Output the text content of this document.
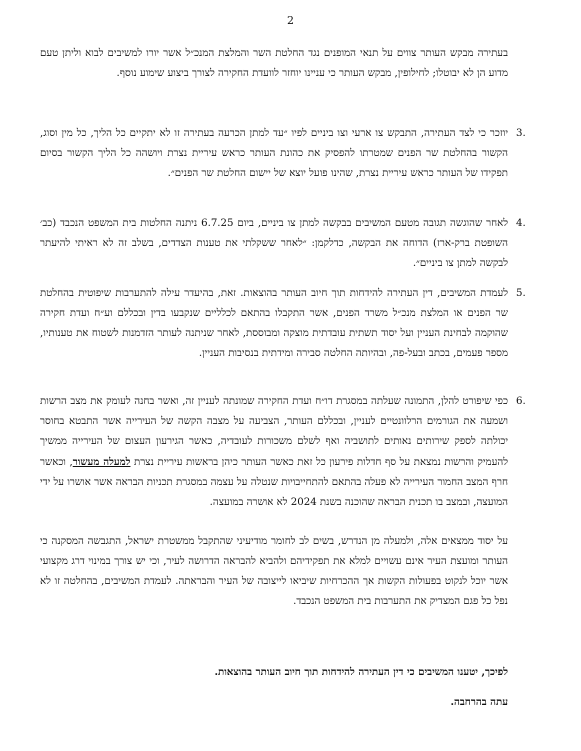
2
בעתירה מבקש העותר צווים על תנאי המופנים נגד החלטת השר והמלצת המנכ״ל אשר יורו למשיבים לבוא וליתן טעם מדוע הן לא יבוטלו; לחילופין, מבקש העותר כי עניינו יוחזר לוועדת החקירה לצורך ביצוע שימוע נוסף.
3.
יוזכר כי לצד העתירה, התבקש צו ארעי וצו ביניים לפיו ״עד למתן הכרעה בעתירה זו לא יתקיים כל הליך, כל מין וסוג, הקשור בהחלטת שר הפנים שמטרתו להפסיק את כהונת העותר כראש עיריית נצרת ויושהה כל הליך הקשור בסיום תפקידו של העותר כראש עיריית נצרת, שהינו פועל יוצא של יישום החלטת שר הפנים״.
4.
לאחר שהוגשה תגובה מטעם המשיבים בבקשה למתן צו ביניים, ביום 6.7.25 ניתנה החלטות בית המשפט הנכבד (כב׳ השופטת ברק-ארז) הדוחה את הבקשה, כדלקמן: ״לאחר ששקלתי את טענות הצדדים, בשלב זה לא ראיתי להיעתר לבקשה למתן צו ביניים״.
5.
לעמדת המשיבים, דין העתירה להידחות תוך חיוב העותר בהוצאות. זאת, בהיעדר עילה להתערבות שיפוטית בהחלטת שר הפנים או המלצת מנכ״ל משרד הפנים, אשר התקבלו בהתאם לכלליים שנקבעו בדין ובכללם וע״ח ועדת חקירה שהוקמה לבחינת העניין ועל יסוד תשתית עובדתית מוצקה ומבוססת, לאחר שניתנה לעותר הזדמנות לשטוח את טענותיו, מספר פעמים, בכתב ובעל-פה, ובהיותה החלטה סבירה ומידתית בנסיבות העניין.
6.
כפי שיפורט להלן, התמונה שעלתה במסגרת דו״ח ועדת החקירה שמונתה לעניין זה, ואשר בחנה לעומק את מצב הרשות ושמעה את הגורמים הרלוונטיים לעניין, ובכללם העותר, הצביעה על מצבה הקשה של העירייה אשר התבטא בחוסר יכולתה לספק שירותים נאותים לתושביה ואף לשלם משכורות לעובדיה, כאשר הגירעון העצום של העירייה ממשיך להעמיק והרשות נמצאת על סף חדלות פירעון כל זאת כאשר העותר כיהן בראשות עיריית נצרת למעלה מעשור, וכאשר חרף המצב החמור העירייה לא פעלה בהתאם להתחייבויות שנטלה על עצמה במסגרת תכניות הבראה אשר אושרו על ידי המועצה, ובמצב בו תכנית הבראה שהוכנה בשנת 2024 לא אושרה במועצה.
על יסוד ממצאים אלה, ולמעלה מן הנדרש, בשים לב לחומר מודיעיני שהתקבל ממשטרת ישראל, התגבשה המסקנה כי העותר ומועצת העיר אינם עשויים למלא את תפקידיהם ולהביא להבראה הדרושה לעיר, וכי יש צורך במינוי דרג מקצועי אשר יוכל לנקוט בפעולות הקשות אך ההכרחיות שיביאו לייצובה של העיר והבראתה. לעמדת המשיבים, בהחלטה זו לא נפל כל פגם המצדיק את התערבות בית המשפט הנכבד.
לפיכך, יטענו המשיבים כי דין העתירה להידחות תוך חיוב העותר בהוצאות.
עתה בהרחבה.
